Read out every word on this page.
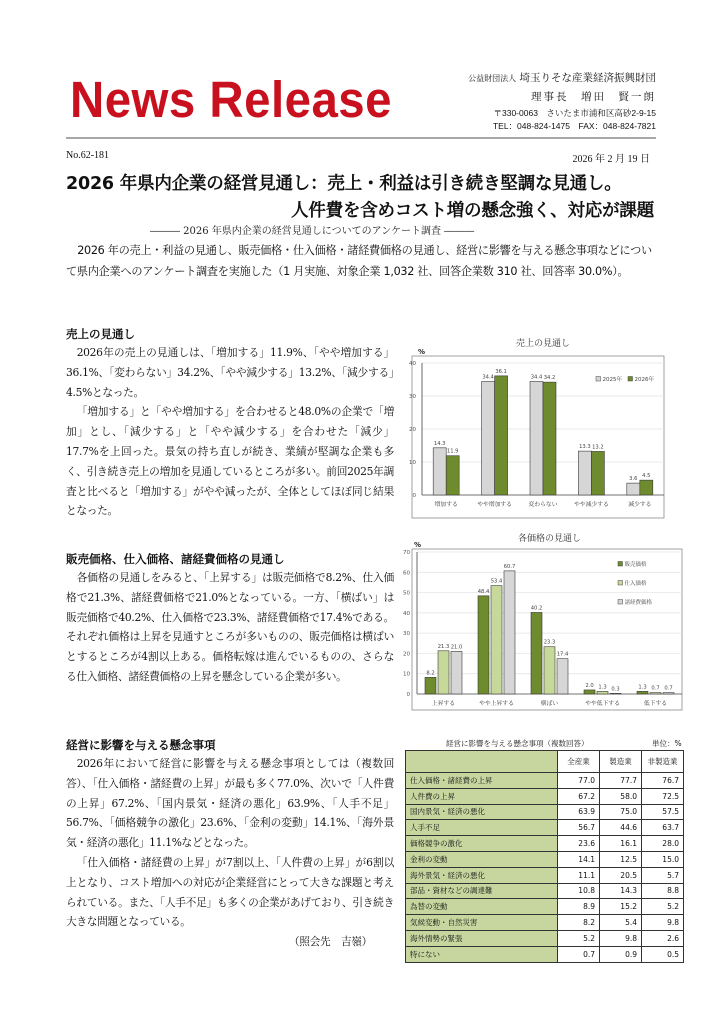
News Release	公益財団法人 埼玉りそな産業経済振興財団
理事長　増田　賢一朗
〒330-0063　さいたま市浦和区高砂2-9-15
TEL：048-824-1475　FAX：048-824-7821
No.62-181	2026 年 2 月 19 日
2026 年県内企業の経営見通し：売上・利益は引き続き堅調な見通し。
人件費を含めコスト増の懸念強く、対応が課題
――― 2026 年県内企業の経営見通しについてのアンケート調査 ―――

2026 年の売上・利益の見通し、販売価格・仕入価格・諸経費価格の見通し、経営に影響を与える懸念事項などについて県内企業へのアンケート調査を実施した（1 月実施、対象企業 1,032 社、回答企業数 310 社、回答率 30.0%）。

売上の見通し

2026年の売上の見通しは、「増加する」11.9%、「やや増加する」36.1%、「変わらない」34.2%、「やや減少する」13.2%、「減少する」4.5%となった。

「増加する」と「やや増加する」を合わせると48.0%の企業で「増加」とし、「減少する」と「やや減少する」を合わせた「減少」17.7%を上回った。景気の持ち直しが続き、業績が堅調な企業も多く、引き続き売上の増加を見通しているところが多い。前回2025年調査と比べると「増加する」がやや減ったが、全体としてほぼ同じ結果となった。

売上の見通し
%
0
10
20
30
40
14.3
11.9
増加する
34.4
36.1
やや増加する
34.4 34.2
変わらない
13.3 13.2
やや減少する
3.6 4.5
減少する
2025年 2026年
販売価格、仕入価格、諸経費価格の見通し

各価格の見通しをみると、「上昇する」は販売価格で8.2%、仕入価格で21.3%、諸経費価格で21.0%となっている。一方、「横ばい」は販売価格で40.2%、仕入価格で23.3%、諸経費価格で17.4%である。それぞれ価格は上昇を見通すところが多いものの、販売価格は横ばいとするところが4割以上ある。価格転嫁は進んでいるものの、さらなる仕入価格、諸経費価格の上昇を懸念している企業が多い。

各価格の見通し
%
0
10
20
30
40
50
60
70
8.2
21.3 21.0
上昇する
48.4
53.4
60.7
やや上昇する
40.2
23.3
17.4
横ばい
2.0 1.3 0.3
やや低下する
1.3 0.7 0.7
低下する
販売価格
仕入価格
諸経費価格
経営に影響を与える懸念事項

2026年において経営に影響を与える懸念事項としては（複数回答）、「仕入価格・諸経費の上昇」が最も多く77.0%、次いで「人件費の上昇」67.2%、「国内景気・経済の悪化」63.9%、「人手不足」56.7%、「価格競争の激化」23.6%、「金利の変動」14.1%、「海外景気・経済の悪化」11.1%などとなった。

「仕入価格・諸経費の上昇」が7割以上、「人件費の上昇」が6割以上となり、コスト増加への対応が企業経営にとって大きな課題と考えられている。また、「人手不足」も多くの企業があげており、引き続き大きな問題となっている。

（照会先　吉嶺）
経営に影響を与える懸念事項（複数回答）	単位：%
	全産業	製造業	非製造業
仕入価格・諸経費の上昇	77.0	77.7	76.7
人件費の上昇	67.2	58.0	72.5
国内景気・経済の悪化	63.9	75.0	57.5
人手不足	56.7	44.6	63.7
価格競争の激化	23.6	16.1	28.0
金利の変動	14.1	12.5	15.0
海外景気・経済の悪化	11.1	20.5	5.7
部品・資材などの調達難	10.8	14.3	8.8
為替の変動	8.9	15.2	5.2
気候変動・自然災害	8.2	5.4	9.8
海外情勢の緊張	5.2	9.8	2.6
特にない	0.7	0.9	0.5
